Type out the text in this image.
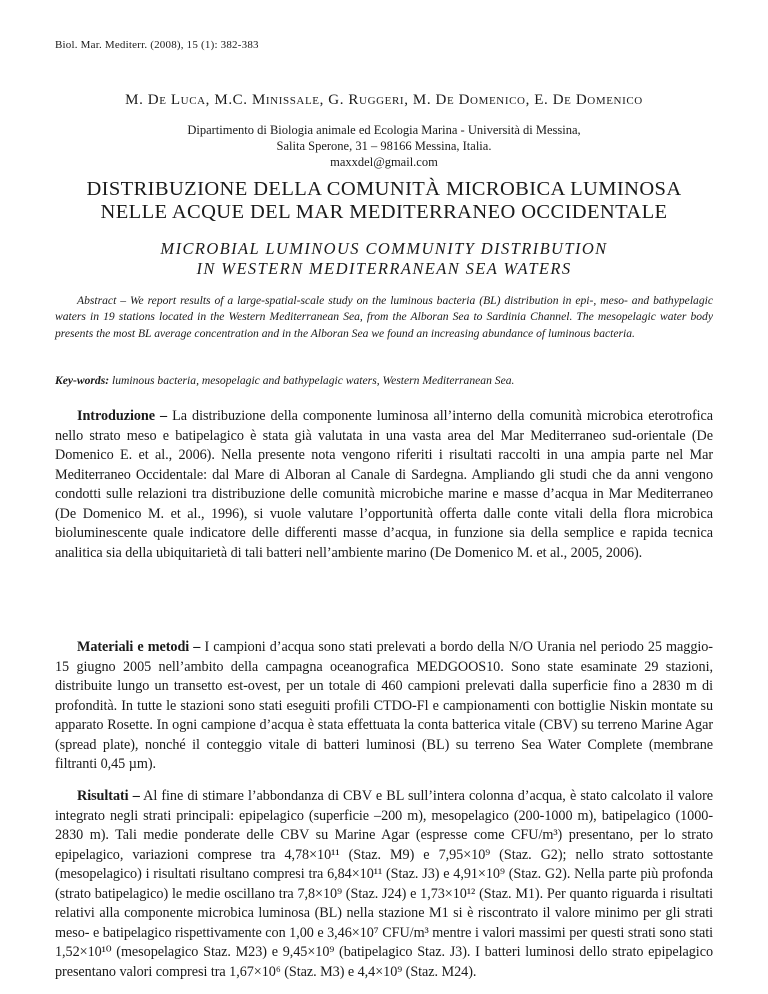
Biol. Mar. Mediterr. (2008), 15 (1): 382-383
M. De Luca, M.C. Minissale, G. Ruggeri, M. De Domenico, E. De Domenico
Dipartimento di Biologia animale ed Ecologia Marina - Università di Messina,
Salita Sperone, 31 – 98166 Messina, Italia.
maxxdel@gmail.com
DISTRIBUZIONE DELLA COMUNITÀ MICROBICA LUMINOSA
NELLE ACQUE DEL MAR MEDITERRANEO OCCIDENTALE
MICROBIAL LUMINOUS COMMUNITY DISTRIBUTION
IN WESTERN MEDITERRANEAN SEA WATERS
Abstract – We report results of a large-spatial-scale study on the luminous bacteria (BL) distribution in epi-, meso- and bathypelagic waters in 19 stations located in the Western Mediterranean Sea, from the Alboran Sea to Sardinia Channel. The mesopelagic water body presents the most BL average concentration and in the Alboran Sea we found an increasing abundance of luminous bacteria.
Key-words: luminous bacteria, mesopelagic and bathypelagic waters, Western Mediterranean Sea.
Introduzione – La distribuzione della componente luminosa all’interno della comunità microbica eterotrofica nello strato meso e batipelagico è stata già valutata in una vasta area del Mar Mediterraneo sud-orientale (De Domenico E. et al., 2006). Nella presente nota vengono riferiti i risultati raccolti in una ampia parte nel Mar Mediterraneo Occidentale: dal Mare di Alboran al Canale di Sardegna. Ampliando gli studi che da anni vengono condotti sulle relazioni tra distribuzione delle comunità microbiche marine e masse d’acqua in Mar Mediterraneo (De Domenico M. et al., 1996), si vuole valutare l’opportunità offerta dalle conte vitali della flora microbica bioluminescente quale indicatore delle differenti masse d’acqua, in funzione sia della semplice e rapida tecnica analitica sia della ubiquitarietà di tali batteri nell’ambiente marino (De Domenico M. et al., 2005, 2006).
Materiali e metodi – I campioni d’acqua sono stati prelevati a bordo della N/O Urania nel periodo 25 maggio-15 giugno 2005 nell’ambito della campagna oceanografica MEDGOOS10. Sono state esaminate 29 stazioni, distribuite lungo un transetto est-ovest, per un totale di 460 campioni prelevati dalla superficie fino a 2830 m di profondità. In tutte le stazioni sono stati eseguiti profili CTDO-Fl e campionamenti con bottiglie Niskin montate su apparato Rosette. In ogni campione d’acqua è stata effettuata la conta batterica vitale (CBV) su terreno Marine Agar (spread plate), nonché il conteggio vitale di batteri luminosi (BL) su terreno Sea Water Complete (membrane filtranti 0,45 µm).
Risultati – Al fine di stimare l’abbondanza di CBV e BL sull’intera colonna d’acqua, è stato calcolato il valore integrato negli strati principali: epipelagico (superficie –200 m), mesopelagico (200-1000 m), batipelagico (1000-2830 m). Tali medie ponderate delle CBV su Marine Agar (espresse come CFU/m³) presentano, per lo strato epipelagico, variazioni comprese tra 4,78×10¹¹ (Staz. M9) e 7,95×10⁹ (Staz. G2); nello strato sottostante (mesopelagico) i risultati risultano compresi tra 6,84×10¹¹ (Staz. J3) e 4,91×10⁹ (Staz. G2). Nella parte più profonda (strato batipelagico) le medie oscillano tra 7,8×10⁹ (Staz. J24) e 1,73×10¹² (Staz. M1). Per quanto riguarda i risultati relativi alla componente microbica luminosa (BL) nella stazione M1 si è riscontrato il valore minimo per gli strati meso- e batipelagico rispettivamente con 1,00 e 3,46×10⁷ CFU/m³ mentre i valori massimi per questi strati sono stati 1,52×10¹⁰ (mesopelagico Staz. M23) e 9,45×10⁹ (batipelagico Staz. J3). I batteri luminosi dello strato epipelagico presentano valori compresi tra 1,67×10⁶ (Staz. M3) e 4,4×10⁹ (Staz. M24).
